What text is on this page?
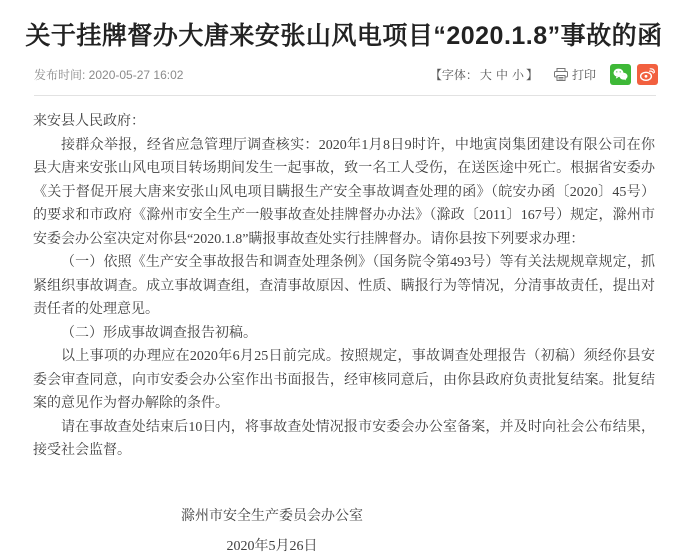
关于挂牌督办大唐来安张山风电项目“2020.1.8”事故的函
发布时间: 2020-05-27 16:02	【字体： 大 中 小 】	打印

来安县人民政府：

接群众举报，经省应急管理厅调查核实：2020年1月8日9时许，中地寅岗集团建设有限公司在你县大唐来安张山风电项目转场期间发生一起事故，致一名工人受伤，在送医途中死亡。根据省安委办《关于督促开展大唐来安张山风电项目瞒报生产安全事故调查处理的函》（皖安办函〔2020〕45号）的要求和市政府《滁州市安全生产一般事故查处挂牌督办办法》（滁政〔2011〕167号）规定，滁州市安委会办公室决定对你县“2020.1.8”瞒报事故查处实行挂牌督办。请你县按下列要求办理：

（一）依照《生产安全事故报告和调查处理条例》（国务院令第493号）等有关法规规章规定，抓紧组织事故调查。成立事故调查组，查清事故原因、性质、瞒报行为等情况，分清事故责任，提出对责任者的处理意见。

（二）形成事故调查报告初稿。

以上事项的办理应在2020年6月25日前完成。按照规定，事故调查处理报告（初稿）须经你县安委会审查同意，向市安委会办公室作出书面报告，经审核同意后，由你县政府负责批复结案。批复结案的意见作为督办解除的条件。

请在事故查处结束后10日内，将事故查处情况报市安委会办公室备案，并及时向社会公布结果，接受社会监督。

滁州市安全生产委员会办公室

2020年5月26日
